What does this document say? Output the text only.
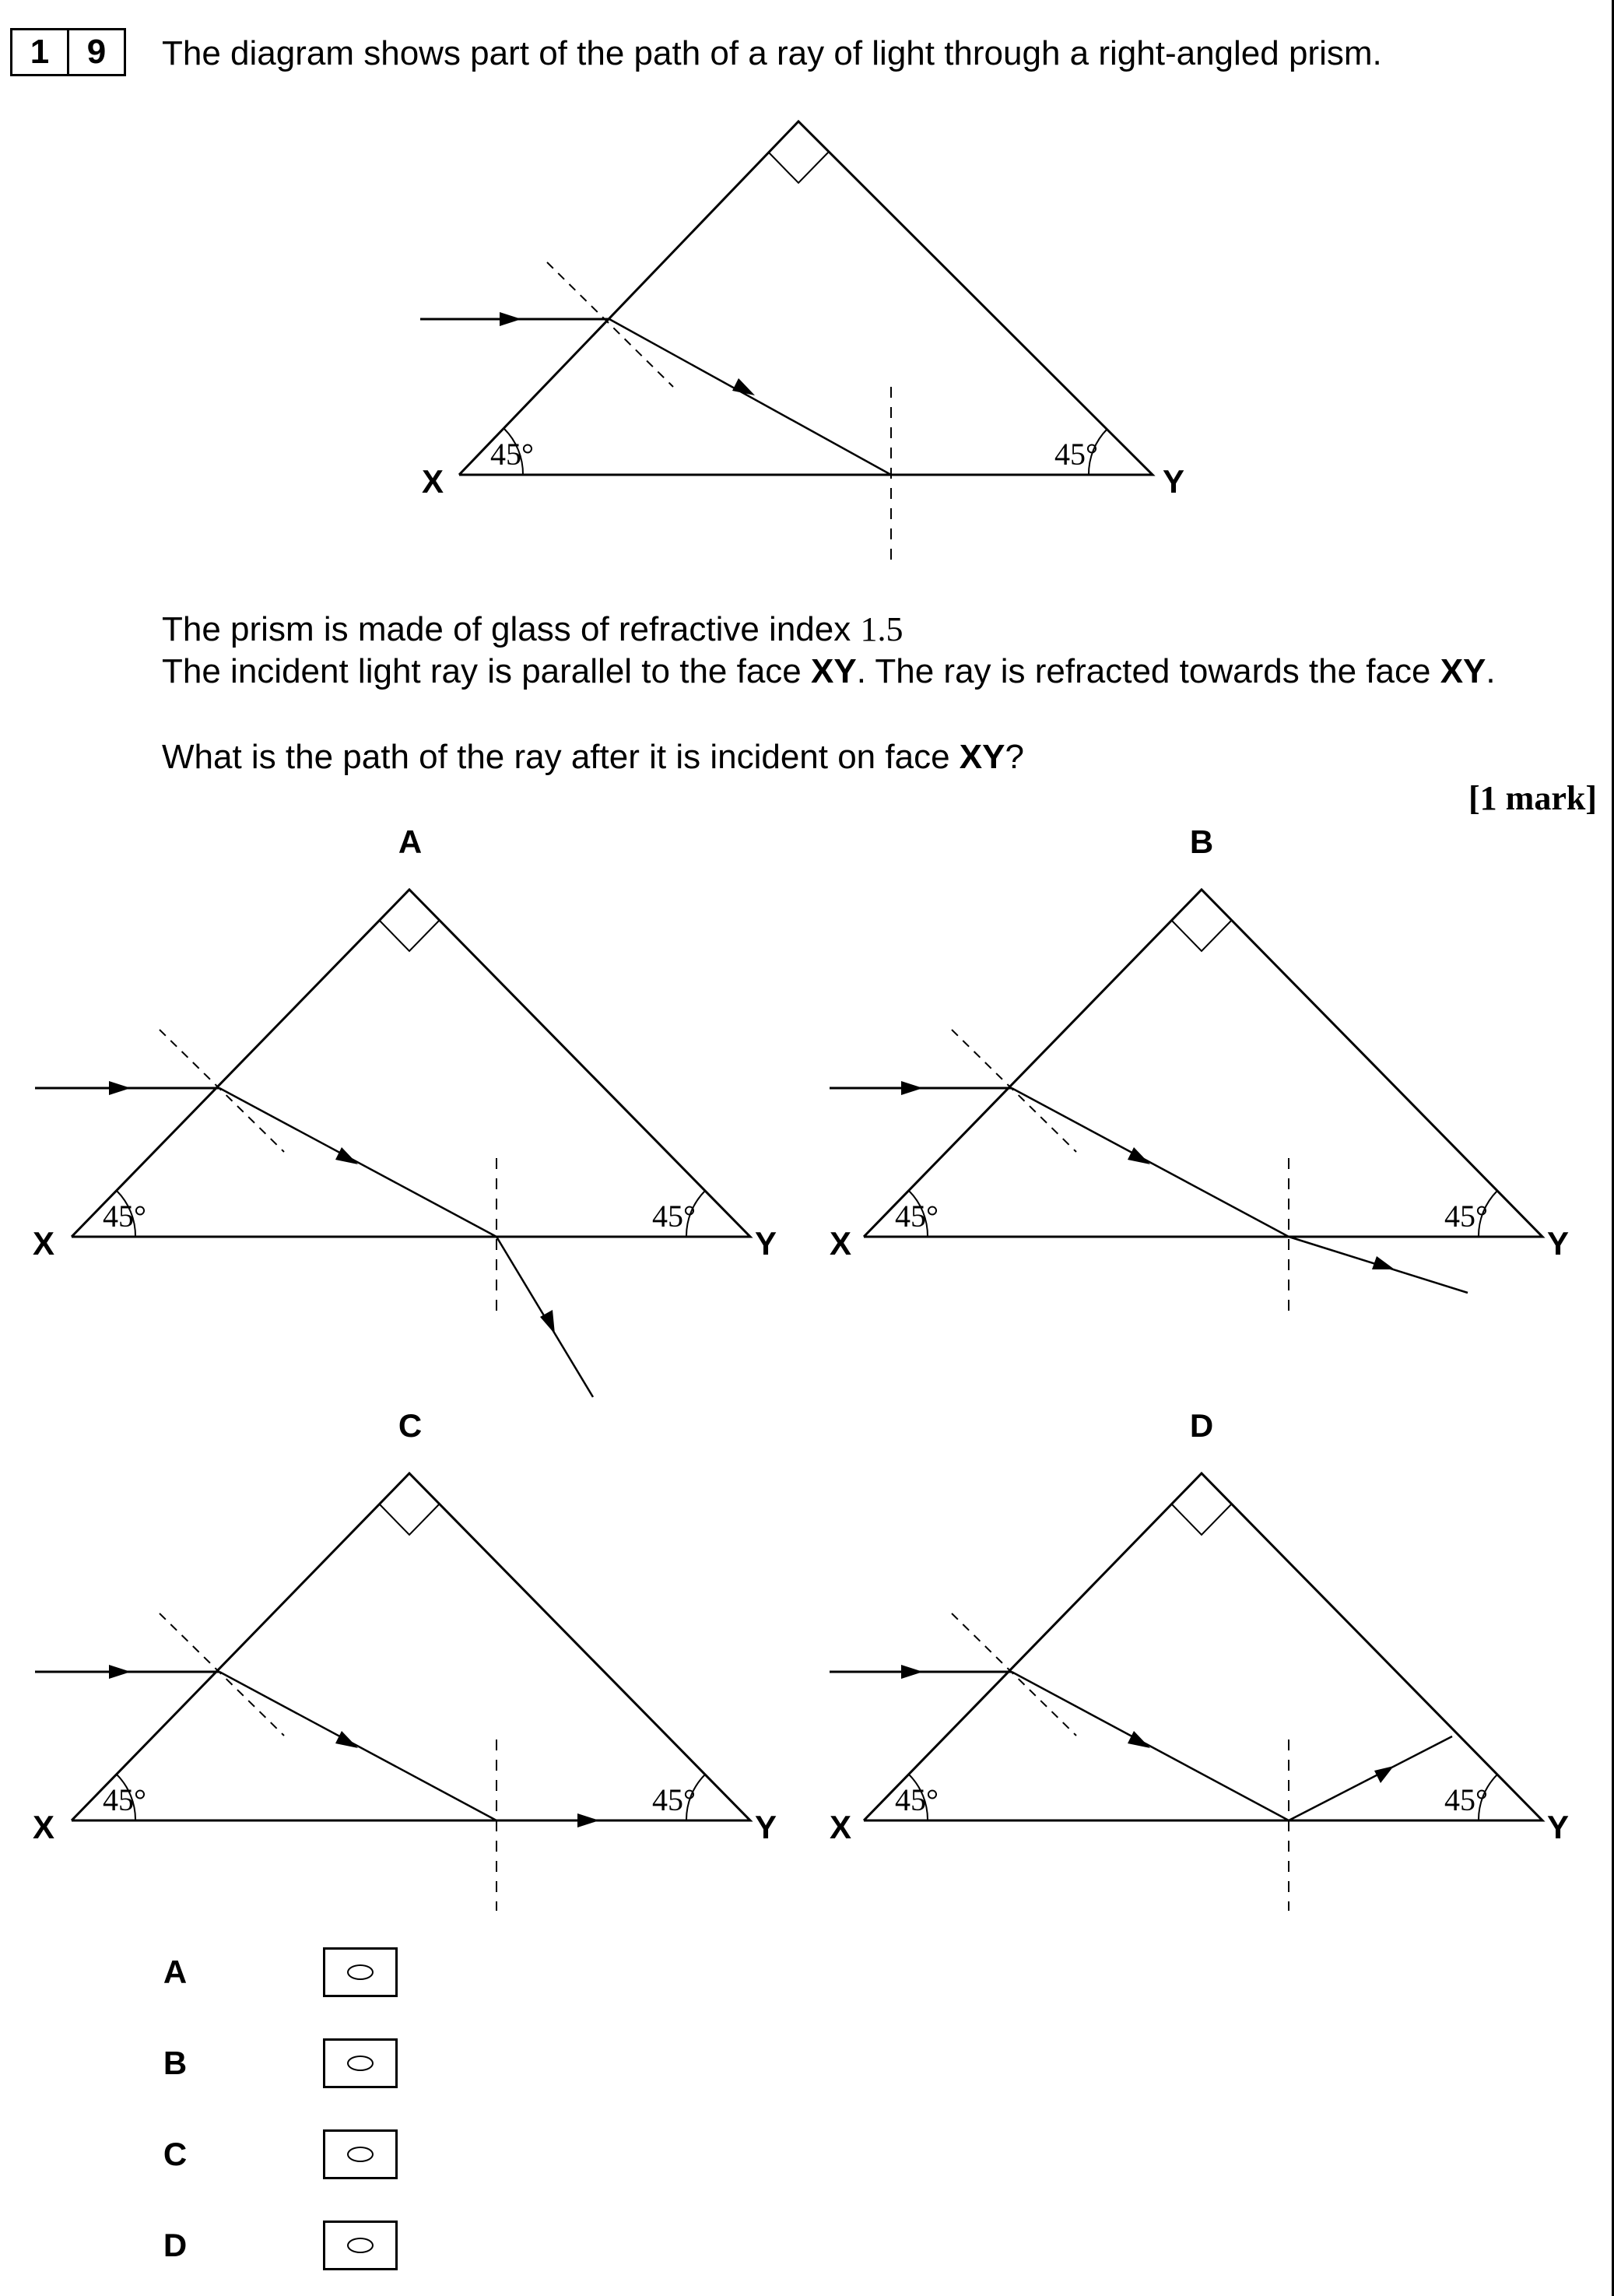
1	9	The diagram shows part of the path of a ray of light through a right-angled prism.
45°	45°
X	Y
The prism is made of glass of refractive index 1.5
The incident light ray is parallel to the face XY. The ray is refracted towards the face XY.
What is the path of the ray after it is incident on face XY?
[1 mark]
A
45°	45°
X	Y
B
45°	45°
X	Y
C
45°	45°
X	Y
D
45°	45°
X	Y
A
B
C
D
